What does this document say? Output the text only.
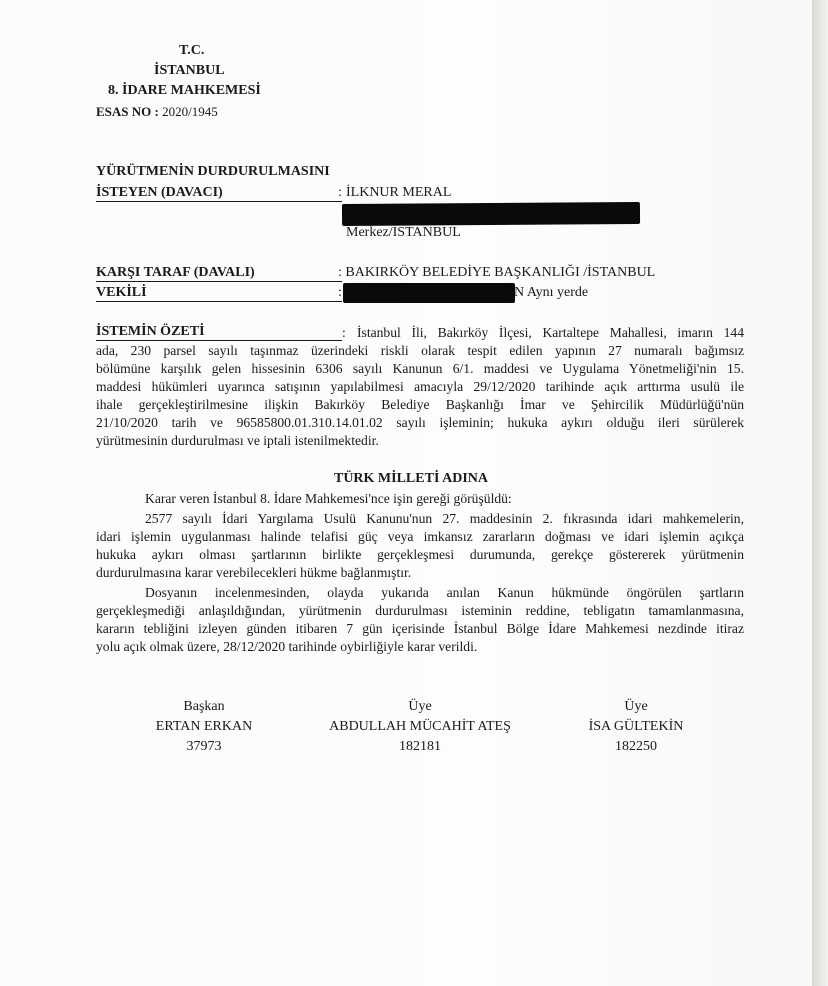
T.C.
İSTANBUL
8. İDARE MAHKEMESİ
ESAS NO : 2020/1945
YÜRÜTMENİN DURDURULMASINI
İSTEYEN (DAVACI)	: İLKNUR MERAL
Merkez/İSTANBUL
KARŞI TARAF (DAVALI)	: BAKIRKÖY BELEDİYE BAŞKANLIĞI /İSTANBUL
VEKİLİ	:	N Aynı yerde
İSTEMİN ÖZETİ	: İstanbul İli, Bakırköy İlçesi, Kartaltepe Mahallesi, imarın 144
ada, 230 parsel sayılı taşınmaz üzerindeki riskli olarak tespit edilen yapının 27 numaralı bağımsız
bölümüne karşılık gelen hissesinin 6306 sayılı Kanunun 6/1. maddesi ve Uygulama Yönetmeliği'nin 15.
maddesi hükümleri uyarınca satışının yapılabilmesi amacıyla 29/12/2020 tarihinde açık arttırma usulü ile
ihale gerçekleştirilmesine ilişkin Bakırköy Belediye Başkanlığı İmar ve Şehircilik Müdürlüğü'nün
21/10/2020 tarih ve 96585800.01.310.14.01.02 sayılı işleminin; hukuka aykırı olduğu ileri sürülerek
yürütmesinin durdurulması ve iptali istenilmektedir.
TÜRK MİLLETİ ADINA
Karar veren İstanbul 8. İdare Mahkemesi'nce işin gereği görüşüldü:
2577 sayılı İdari Yargılama Usulü Kanunu'nun 27. maddesinin 2. fıkrasında idari mahkemelerin,
idari işlemin uygulanması halinde telafisi güç veya imkansız zararların doğması ve idari işlemin açıkça
hukuka aykırı olması şartlarının birlikte gerçekleşmesi durumunda, gerekçe göstererek yürütmenin
durdurulmasına karar verebilecekleri hükme bağlanmıştır.
Dosyanın incelenmesinden, olayda yukarıda anılan Kanun hükmünde öngörülen şartların
gerçekleşmediği anlaşıldığından, yürütmenin durdurulması isteminin reddine, tebligatın tamamlanmasına,
kararın tebliğini izleyen günden itibaren 7 gün içerisinde İstanbul Bölge İdare Mahkemesi nezdinde itiraz
yolu açık olmak üzere, 28/12/2020 tarihinde oybirliğiyle karar verildi.
Başkan
ERTAN ERKAN
37973
Üye
ABDULLAH MÜCAHİT ATEŞ
182181
Üye
İSA GÜLTEKİN
182250
